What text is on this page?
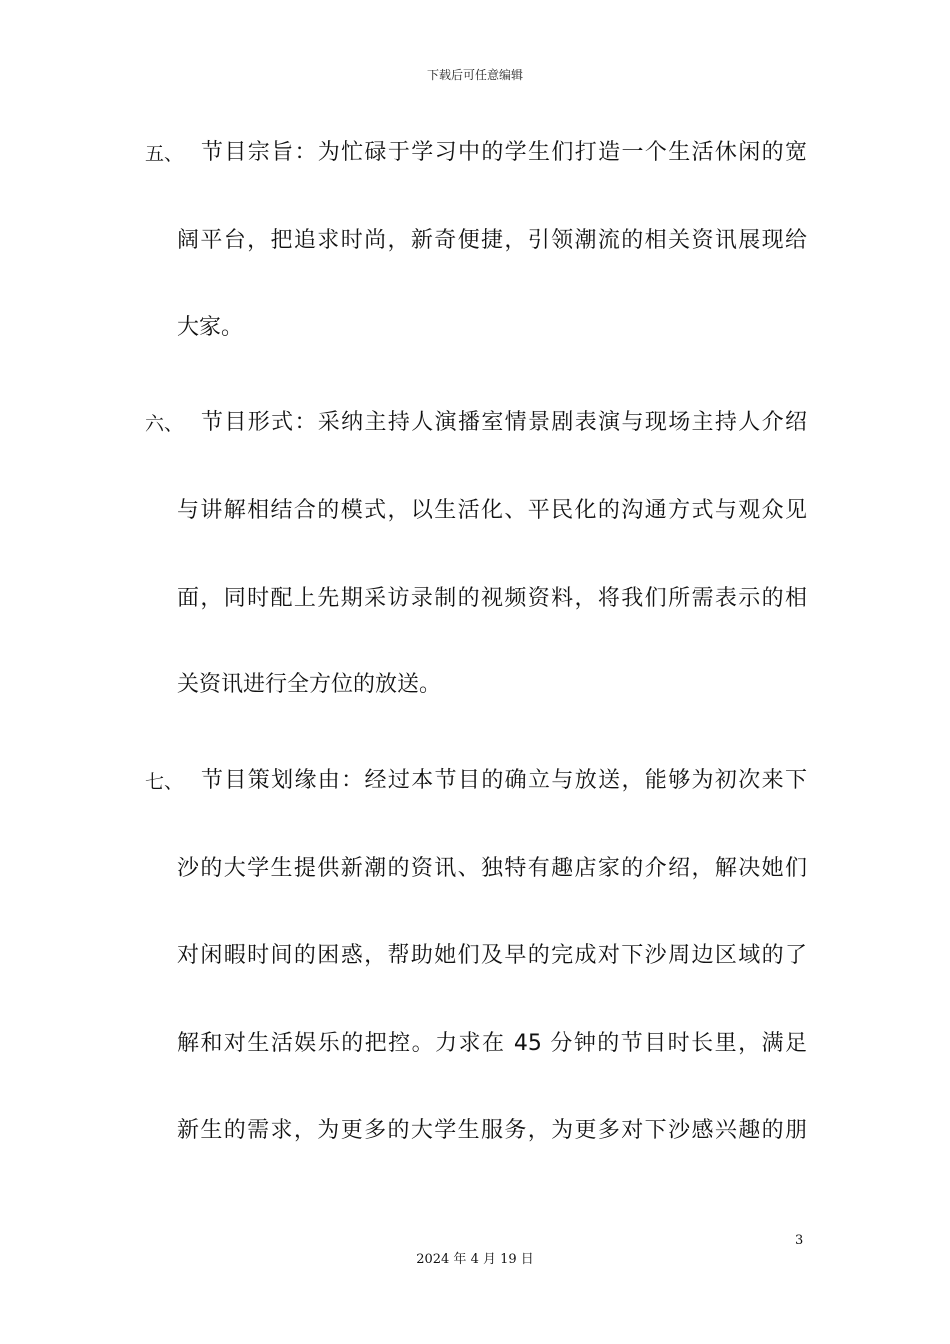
下载后可任意编辑
五、 节目宗旨：为忙碌于学习中的学生们打造一个生活休闲的宽
阔平台，把追求时尚，新奇便捷，引领潮流的相关资讯展现给
大家。
六、 节目形式：采纳主持人演播室情景剧表演与现场主持人介绍
与讲解相结合的模式，以生活化、平民化的沟通方式与观众见
面，同时配上先期采访录制的视频资料，将我们所需表示的相
关资讯进行全方位的放送。
七、 节目策划缘由：经过本节目的确立与放送，能够为初次来下
沙的大学生提供新潮的资讯、独特有趣店家的介绍，解决她们
对闲暇时间的困惑，帮助她们及早的完成对下沙周边区域的了
解和对生活娱乐的把控。力求在 45 分钟的节目时长里，满足
新生的需求，为更多的大学生服务，为更多对下沙感兴趣的朋
3
2024 年 4 月 19 日
